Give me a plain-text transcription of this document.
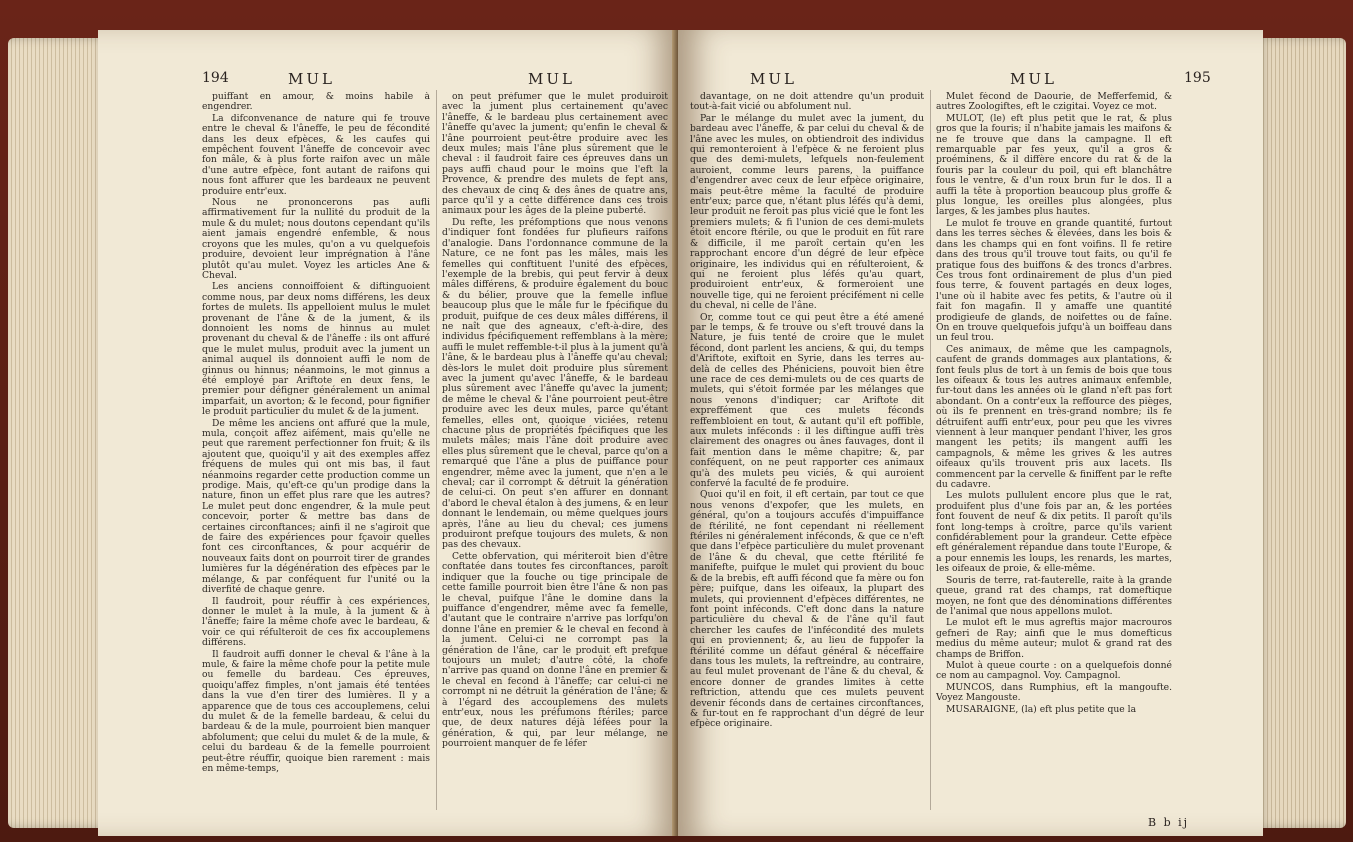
194	MUL	MUL

puiffant en amour, & moins habile à engendrer.

La difconvenance de nature qui fe trouve entre le cheval & l'âneffe, le peu de fécondité dans les deux efpèces, & les caufes qui empêchent fouvent l'âneffe de concevoir avec fon mâle, & à plus forte raifon avec un mâle d'une autre efpèce, font autant de raifons qui nous font affurer que les bardeaux ne peuvent produire entr'eux.

Nous ne prononcerons pas aufli affirmativement fur la nullité du produit de la mule & du mulet; nous doutons cependant qu'ils aient jamais engendré enfemble, & nous croyons que les mules, qu'on a vu quelquefois produire, devoient leur imprégnation à l'âne plutôt qu'au mulet. Voyez les articles Ane & Cheval.

Les anciens connoiffoient & diftinguoient comme nous, par deux noms différens, les deux fortes de mulets. Ils appelloient mulus le mulet provenant de l'âne & de la jument, & ils donnoient les noms de hinnus au mulet provenant du cheval & de l'âneffe : ils ont affuré que le mulet mulus, produit avec la jument un animal auquel ils donnoient auffi le nom de ginnus ou hinnus; néanmoins, le mot ginnus a été employé par Ariftote en deux fens, le premier pour défigner généralement un animal imparfait, un avorton; & le fecond, pour fignifier le produit particulier du mulet & de la jument.

De même les anciens ont affuré que la mule, mula, conçoit affez aifément, mais qu'elle ne peut que rarement perfectionner fon fruit; & ils ajoutent que, quoiqu'il y ait des exemples affez fréquens de mules qui ont mis bas, il faut néanmoins regarder cette production comme un prodige. Mais, qu'eft-ce qu'un prodige dans la nature, finon un effet plus rare que les autres? Le mulet peut donc engendrer, & la mule peut concevoir, porter & mettre bas dans de certaines circonftances; ainfi il ne s'agiroit que de faire des expériences pour fçavoir quelles font ces circonftances, & pour acquérir de nouveaux faits dont on pourroit tirer de grandes lumières fur la dégénération des efpèces par le mélange, & par conféquent fur l'unité ou la diverfité de chaque genre.

Il faudroit, pour réuffir à ces expériences, donner le mulet à la mule, à la jument & à l'âneffe; faire la même chofe avec le bardeau, & voir ce qui réfulteroit de ces fix accouplemens différens.

Il faudroit auffi donner le cheval & l'âne à la mule, & faire la même chofe pour la petite mule ou femelle du bardeau. Ces épreuves, quoiqu'affez fimples, n'ont jamais été tentées dans la vue d'en tirer des lumières. Il y a apparence que de tous ces accouplemens, celui du mulet & de la femelle bardeau, & celui du bardeau & de la mule, pourroient bien manquer abfolument; que celui du mulet & de la mule, & celui du bardeau & de la femelle pourroient peut-être réuffir, quoique bien rarement : mais en même-temps,

on peut préfumer que le mulet produiroit avec la jument plus certainement qu'avec l'âneffe, & le bardeau plus certainement avec l'âneffe qu'avec la jument; qu'enfin le cheval & l'âne pourroient peut-être produire avec les deux mules; mais l'âne plus sûrement que le cheval : il faudroit faire ces épreuves dans un pays auffi chaud pour le moins que l'eft la Provence, & prendre des mulets de fept ans, des chevaux de cinq & des ânes de quatre ans, parce qu'il y a cette différence dans ces trois animaux pour les âges de la pleine puberté.

Du refte, les préfomptions que nous venons d'indiquer font fondées fur plufieurs raifons d'analogie. Dans l'ordonnance commune de la Nature, ce ne font pas les mâles, mais les femelles qui conftituent l'unité des efpèces, l'exemple de la brebis, qui peut fervir à deux mâles différens, & produire également du bouc & du bélier, prouve que la femelle influe beaucoup plus que le mâle fur le fpécifique du produit, puifque de ces deux mâles différens, il ne naît que des agneaux, c'eft-à-dire, des individus fpécifiquement reffemblans à la mère; auffi le mulet reffemble-t-il plus à la jument qu'à l'âne, & le bardeau plus à l'âneffe qu'au cheval; dès-lors le mulet doit produire plus sûrement avec la jument qu'avec l'âneffe, & le bardeau plus sûrement avec l'âneffe qu'avec la jument; de même le cheval & l'âne pourroient peut-être produire avec les deux mules, parce qu'étant femelles, elles ont, quoique viciées, retenu chacune plus de propriétés fpécifiques que les mulets mâles; mais l'âne doit produire avec elles plus sûrement que le cheval, parce qu'on a remarqué que l'âne a plus de puiffance pour engendrer, même avec la jument, que n'en a le cheval; car il corrompt & détruit la génération de celui-ci. On peut s'en affurer en donnant d'abord le cheval étalon à des jumens, & en leur donnant le lendemain, ou même quelques jours après, l'âne au lieu du cheval; ces jumens produiront prefque toujours des mulets, & non pas des chevaux.

Cette obfervation, qui mériteroit bien d'être conftatée dans toutes fes circonftances, paroît indiquer que la fouche ou tige principale de cette famille pourroit bien être l'âne & non pas le cheval, puifque l'âne le domine dans la puiffance d'engendrer, même avec fa femelle, d'autant que le contraire n'arrive pas lorfqu'on donne l'âne en premier & le cheval en fecond à la jument. Celui-ci ne corrompt pas la génération de l'âne, car le produit eft prefque toujours un mulet; d'autre côté, la chofe n'arrive pas quand on donne l'âne en premier & le cheval en fecond à l'âneffe; car celui-ci ne corrompt ni ne détruit la génération de l'âne; & à l'égard des accouplemens des mulets entr'eux, nous les préfumons ftériles; parce que, de deux natures déjà léfées pour la génération, & qui, par leur mélange, ne pourroient manquer de fe léfer

MUL	MUL	195

davantage, on ne doit attendre qu'un produit tout-à-fait vicié ou abfolument nul.

Par le mélange du mulet avec la jument, du bardeau avec l'âneffe, & par celui du cheval & de l'âne avec les mules, on obtiendroit des individus qui remonteroient à l'efpèce & ne feroient plus que des demi-mulets, lefquels non-feulement auroient, comme leurs parens, la puiffance d'engendrer avec ceux de leur efpèce originaire, mais peut-être même la faculté de produire entr'eux; parce que, n'étant plus léfés qu'à demi, leur produit ne feroit pas plus vicié que le font les premiers mulets; & fi l'union de ces demi-mulets étoit encore ftérile, ou que le produit en fût rare & difficile, il me paroît certain qu'en les rapprochant encore d'un dégré de leur efpèce originaire, les individus qui en réfulteroient, & qui ne feroient plus léfés qu'au quart, produiroient entr'eux, & formeroient une nouvelle tige, qui ne feroient précifément ni celle du cheval, ni celle de l'âne.

Or, comme tout ce qui peut être a été amené par le temps, & fe trouve ou s'eft trouvé dans la Nature, je fuis tenté de croire que le mulet fécond, dont parlent les anciens, & qui, du temps d'Ariftote, exiftoit en Syrie, dans les terres au-delà de celles des Phéniciens, pouvoit bien être une race de ces demi-mulets ou de ces quarts de mulets, qui s'étoit formée par les mélanges que nous venons d'indiquer; car Ariftote dit expreffément que ces mulets féconds reffembloient en tout, & autant qu'il eft poffible, aux mulets inféconds : il les diftingue auffi très clairement des onagres ou ânes fauvages, dont il fait mention dans le même chapitre; &, par conféquent, on ne peut rapporter ces animaux qu'à des mulets peu viciés, & qui auroient confervé la faculté de fe produire.

Quoi qu'il en foit, il eft certain, par tout ce que nous venons d'expofer, que les mulets, en général, qu'on a toujours accufés d'impuiffance de ftérilité, ne font cependant ni réellement ftériles ni généralement inféconds, & que ce n'eft que dans l'efpèce particulière du mulet provenant de l'âne & du cheval, que cette ftérilité fe manifefte, puifque le mulet qui provient du bouc & de la brebis, eft auffi fécond que fa mère ou fon père; puifque, dans les oifeaux, la plupart des mulets, qui proviennent d'efpèces différentes, ne font point inféconds. C'eft donc dans la nature particulière du cheval & de l'âne qu'il faut chercher les caufes de l'infécondité des mulets qui en proviennent; &, au lieu de fuppofer la ftérilité comme un défaut général & néceffaire dans tous les mulets, la reftreindre, au contraire, au feul mulet provenant de l'âne & du cheval, & encore donner de grandes limites à cette reftriction, attendu que ces mulets peuvent devenir féconds dans de certaines circonftances, & fur-tout en fe rapprochant d'un dégré de leur efpèce originaire.

Mulet fécond de Daourie, de Mefferfemid, & autres Zoologiftes, eft le czigitai. Voyez ce mot.

MULOT, (le) eft plus petit que le rat, & plus gros que la fouris; il n'habite jamais les maifons & ne fe trouve que dans la campagne. Il eft remarquable par fes yeux, qu'il a gros & proéminens, & il diffère encore du rat & de la fouris par la couleur du poil, qui eft blanchâtre fous le ventre, & d'un roux brun fur le dos. Il a auffi la tête à proportion beaucoup plus groffe & plus longue, les oreilles plus alongées, plus larges, & les jambes plus hautes.

Le mulot fe trouve en grande quantité, furtout dans les terres sèches & élevées, dans les bois & dans les champs qui en font voifins. Il fe retire dans des trous qu'il trouve tout faits, ou qu'il fe pratique fous des buiffons & des troncs d'arbres. Ces trous font ordinairement de plus d'un pied fous terre, & fouvent partagés en deux loges, l'une où il habite avec fes petits, & l'autre où il fait fon magafin. Il y amaffe une quantité prodigieufe de glands, de noifettes ou de faîne. On en trouve quelquefois jufqu'à un boiffeau dans un feul trou.

Ces animaux, de même que les campagnols, caufent de grands dommages aux plantations, & font feuls plus de tort à un femis de bois que tous les oifeaux & tous les autres animaux enfemble, fur-tout dans les années où le gland n'eft pas fort abondant. On a contr'eux la reffource des pièges, où ils fe prennent en très-grand nombre; ils fe détruifent auffi entr'eux, pour peu que les vivres viennent à leur manquer pendant l'hiver, les gros mangent les petits; ils mangent auffi les campagnols, & même les grives & les autres oifeaux qu'ils trouvent pris aux lacets. Ils commencent par la cervelle & finiffent par le refte du cadavre.

Les mulots pullulent encore plus que le rat, produifent plus d'une fois par an, & les portées font fouvent de neuf & dix petits. Il paroît qu'ils font long-temps à croître, parce qu'ils varient confidérablement pour la grandeur. Cette efpèce eft généralement répandue dans toute l'Europe, & a pour ennemis les loups, les renards, les martes, les oifeaux de proie, & elle-même.

Souris de terre, rat-fauterelle, raite à la grande queue, grand rat des champs, rat domeftique moyen, ne font que des dénominations différentes de l'animal que nous appellons mulot.

Le mulot eft le mus agreftis major macrouros gefneri de Ray; ainfi que le mus domefticus medius du même auteur; mulot & grand rat des champs de Briffon.

Mulot à queue courte : on a quelquefois donné ce nom au campagnol. Voy. Campagnol.

MUNCOS, dans Rumphius, eft la mangoufte. Voyez Mangouste.

MUSARAIGNE, (la) eft plus petite que la

B b ij
